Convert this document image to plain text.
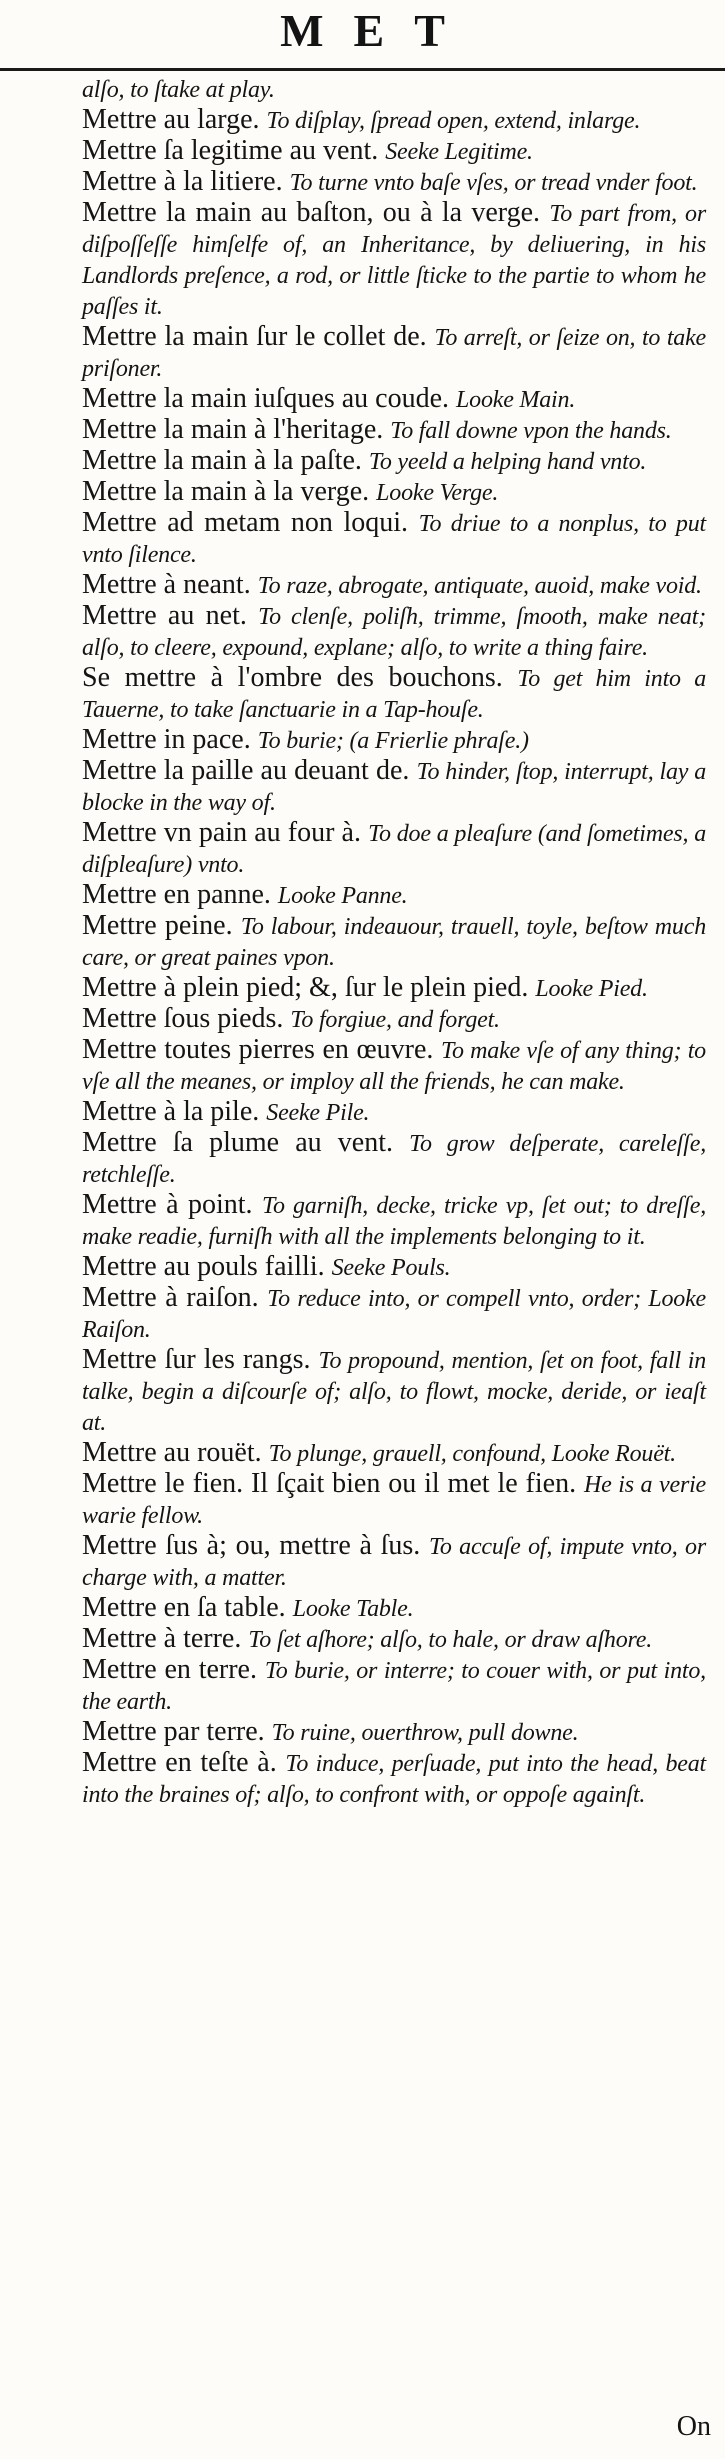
MET

alſo, to ſtake at play.

Mettre au large. To diſplay, ſpread open, extend, inlarge.

Mettre ſa legitime au vent. Seeke Legitime.

Mettre à la litiere. To turne vnto baſe vſes, or tread vnder foot.

Mettre la main au baſton, ou à la verge. To part from, or diſpoſſeſſe himſelfe of, an Inheritance, by deliuering, in his Landlords preſence, a rod, or little ſticke to the partie to whom he paſſes it.

Mettre la main ſur le collet de. To arreſt, or ſeize on, to take priſoner.

Mettre la main iuſques au coude. Looke Main.

Mettre la main à l'heritage. To fall downe vpon the hands.

Mettre la main à la paſte. To yeeld a helping hand vnto.

Mettre la main à la verge. Looke Verge.

Mettre ad metam non loqui. To driue to a nonplus, to put vnto ſilence.

Mettre à neant. To raze, abrogate, antiquate, auoid, make void.

Mettre au net. To clenſe, poliſh, trimme, ſmooth, make neat; alſo, to cleere, expound, explane; alſo, to write a thing faire.

Se mettre à l'ombre des bouchons. To get him into a Tauerne, to take ſanctuarie in a Tap-houſe.

Mettre in pace. To burie; (a Frierlie phraſe.)

Mettre la paille au deuant de. To hinder, ſtop, interrupt, lay a blocke in the way of.

Mettre vn pain au four à. To doe a pleaſure (and ſometimes, a diſpleaſure) vnto.

Mettre en panne. Looke Panne.

Mettre peine. To labour, indeauour, trauell, toyle, beſtow much care, or great paines vpon.

Mettre à plein pied; &, ſur le plein pied. Looke Pied.

Mettre ſous pieds. To forgiue, and forget.

Mettre toutes pierres en œuvre. To make vſe of any thing; to vſe all the meanes, or imploy all the friends, he can make.

Mettre à la pile. Seeke Pile.

Mettre ſa plume au vent. To grow deſperate, careleſſe, retchleſſe.

Mettre à point. To garniſh, decke, tricke vp, ſet out; to dreſſe, make readie, furniſh with all the implements belonging to it.

Mettre au pouls failli. Seeke Pouls.

Mettre à raiſon. To reduce into, or compell vnto, order; Looke Raiſon.

Mettre ſur les rangs. To propound, mention, ſet on foot, fall in talke, begin a diſcourſe of; alſo, to flowt, mocke, deride, or ieaſt at.

Mettre au rouët. To plunge, grauell, confound, Looke Rouët.

Mettre le fien. Il ſçait bien ou il met le fien. He is a verie warie fellow.

Mettre ſus à; ou, mettre à ſus. To accuſe of, impute vnto, or charge with, a matter.

Mettre en ſa table. Looke Table.

Mettre à terre. To ſet aſhore; alſo, to hale, or draw aſhore.

Mettre en terre. To burie, or interre; to couer with, or put into, the earth.

Mettre par terre. To ruine, ouerthrow, pull downe.

Mettre en teſte à. To induce, perſuade, put into the head, beat into the braines of; alſo, to confront with, or oppoſe againſt.

On
